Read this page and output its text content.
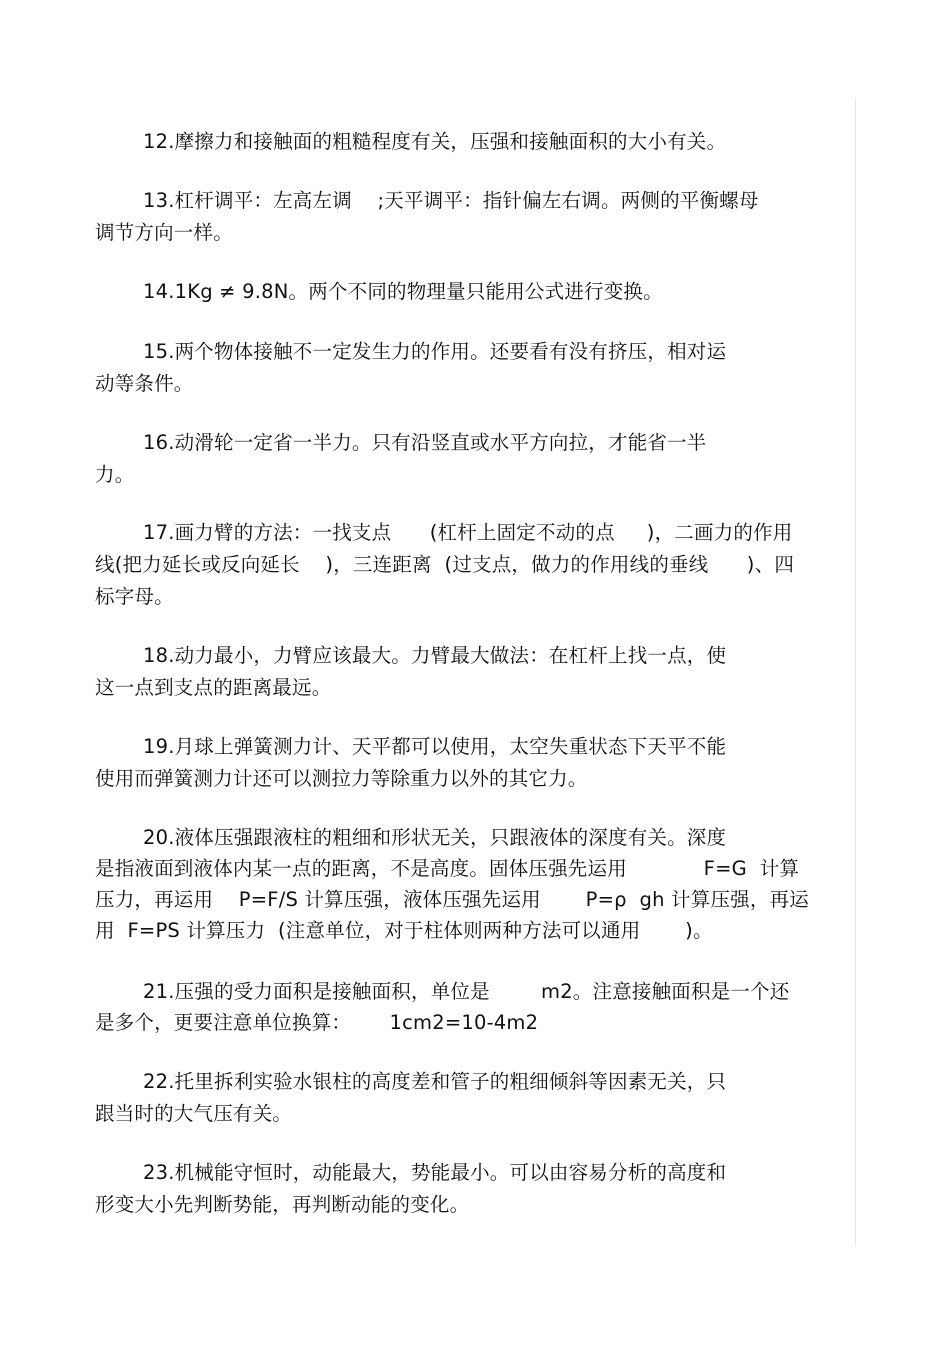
12.摩擦力和接触面的粗糙程度有关，压强和接触面积的大小有关。
13.杠杆调平：左高左调    ;天平调平：指针偏左右调。两侧的平衡螺母
调节方向一样。
14.1Kg ≠ 9.8N。两个不同的物理量只能用公式进行变换。
15.两个物体接触不一定发生力的作用。还要看有没有挤压，相对运
动等条件。
16.动滑轮一定省一半力。只有沿竖直或水平方向拉，才能省一半
力。
17.画力臂的方法：一找支点      (杠杆上固定不动的点     )，二画力的作用
线(把力延长或反向延长    )，三连距离  (过支点，做力的作用线的垂线      )、四
标字母。
18.动力最小，力臂应该最大。力臂最大做法：在杠杆上找一点，使
这一点到支点的距离最远。
19.月球上弹簧测力计、天平都可以使用，太空失重状态下天平不能
使用而弹簧测力计还可以测拉力等除重力以外的其它力。
20.液体压强跟液柱的粗细和形状无关，只跟液体的深度有关。深度
是指液面到液体内某一点的距离，不是高度。固体压强先运用            F=G  计算
压力，再运用    P=F/S 计算压强，液体压强先运用       P=ρ  gh 计算压强，再运
用  F=PS 计算压力  (注意单位，对于柱体则两种方法可以通用       )。
21.压强的受力面积是接触面积，单位是        m2。注意接触面积是一个还
是多个，更要注意单位换算：      1cm2=10-4m2
22.托里拆利实验水银柱的高度差和管子的粗细倾斜等因素无关，只
跟当时的大气压有关。
23.机械能守恒时，动能最大，势能最小。可以由容易分析的高度和
形变大小先判断势能，再判断动能的变化。
